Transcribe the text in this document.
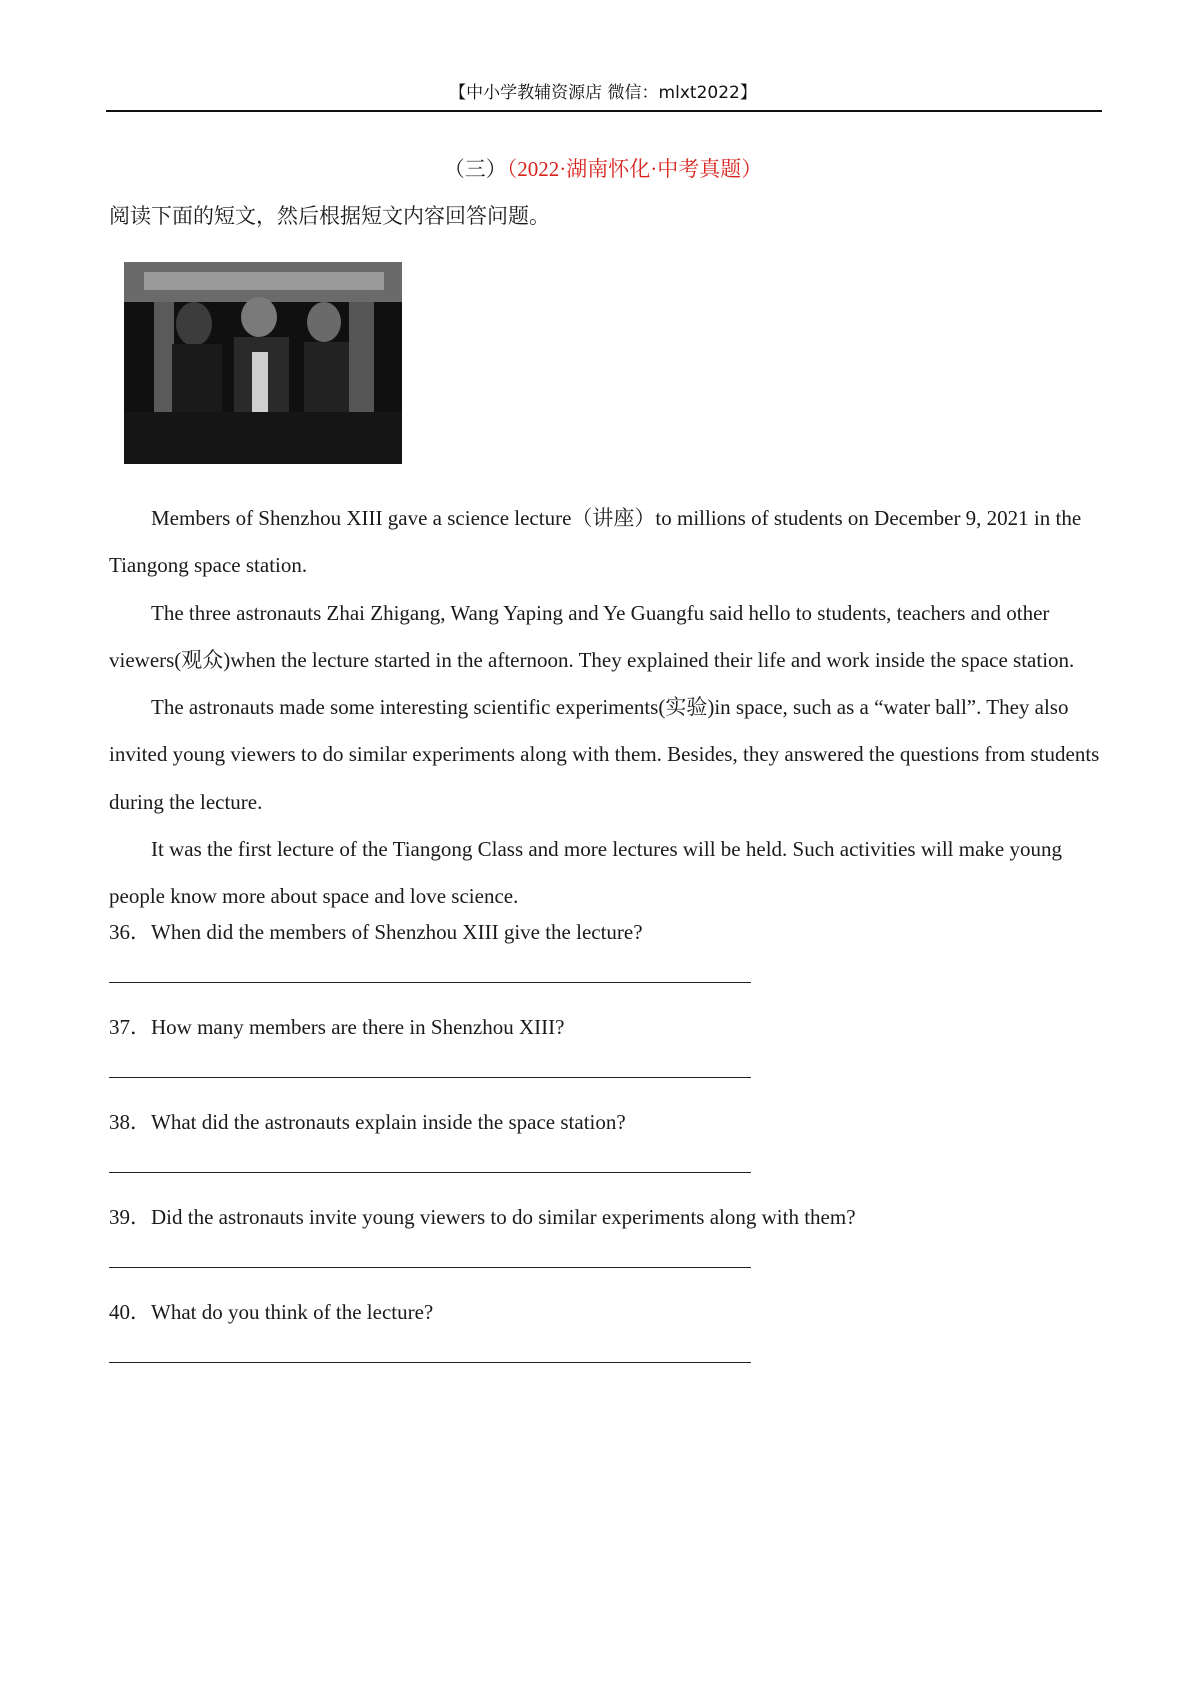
【中小学教辅资源店 微信：mlxt2022】
（三）（2022·湖南怀化·中考真题）
阅读下面的短文，然后根据短文内容回答问题。

Members of Shenzhou XIII gave a science lecture（讲座）to millions of students on December 9, 2021 in the Tiangong space station.

The three astronauts Zhai Zhigang, Wang Yaping and Ye Guangfu said hello to students, teachers and other viewers(观众)when the lecture started in the afternoon. They explained their life and work inside the space station.

The astronauts made some interesting scientific experiments(实验)in space, such as a “water ball”. They also invited young viewers to do similar experiments along with them. Besides, they answered the questions from students during the lecture.

It was the first lecture of the Tiangong Class and more lectures will be held. Such activities will make young people know more about space and love science.

36．When did the members of Shenzhou XIII give the lecture?
37．How many members are there in Shenzhou XIII?
38．What did the astronauts explain inside the space station?
39．Did the astronauts invite young viewers to do similar experiments along with them?
40．What do you think of the lecture?
